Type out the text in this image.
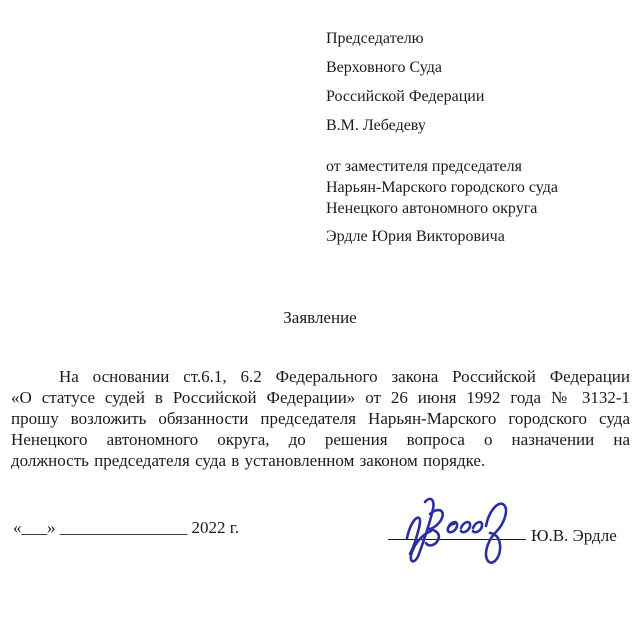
Председателю
Верховного Суда
Российской Федерации
В.М. Лебедеву
от заместителя председателя
Нарьян-Марского городского суда
Ненецкого автономного округа
Эрдле Юрия Викторовича
Заявление
На основании ст.6.1, 6.2 Федерального закона Российской Федерации
«О статусе судей в Российской Федерации» от 26 июня 1992 года № 3132-1
прошу возложить обязанности председателя Нарьян-Марского городского суда
Ненецкого автономного округа, до решения вопроса о назначении на
должность председателя суда в установленном законом порядке.
«___» _______________ 2022 г.	Ю.В. Эрдле
